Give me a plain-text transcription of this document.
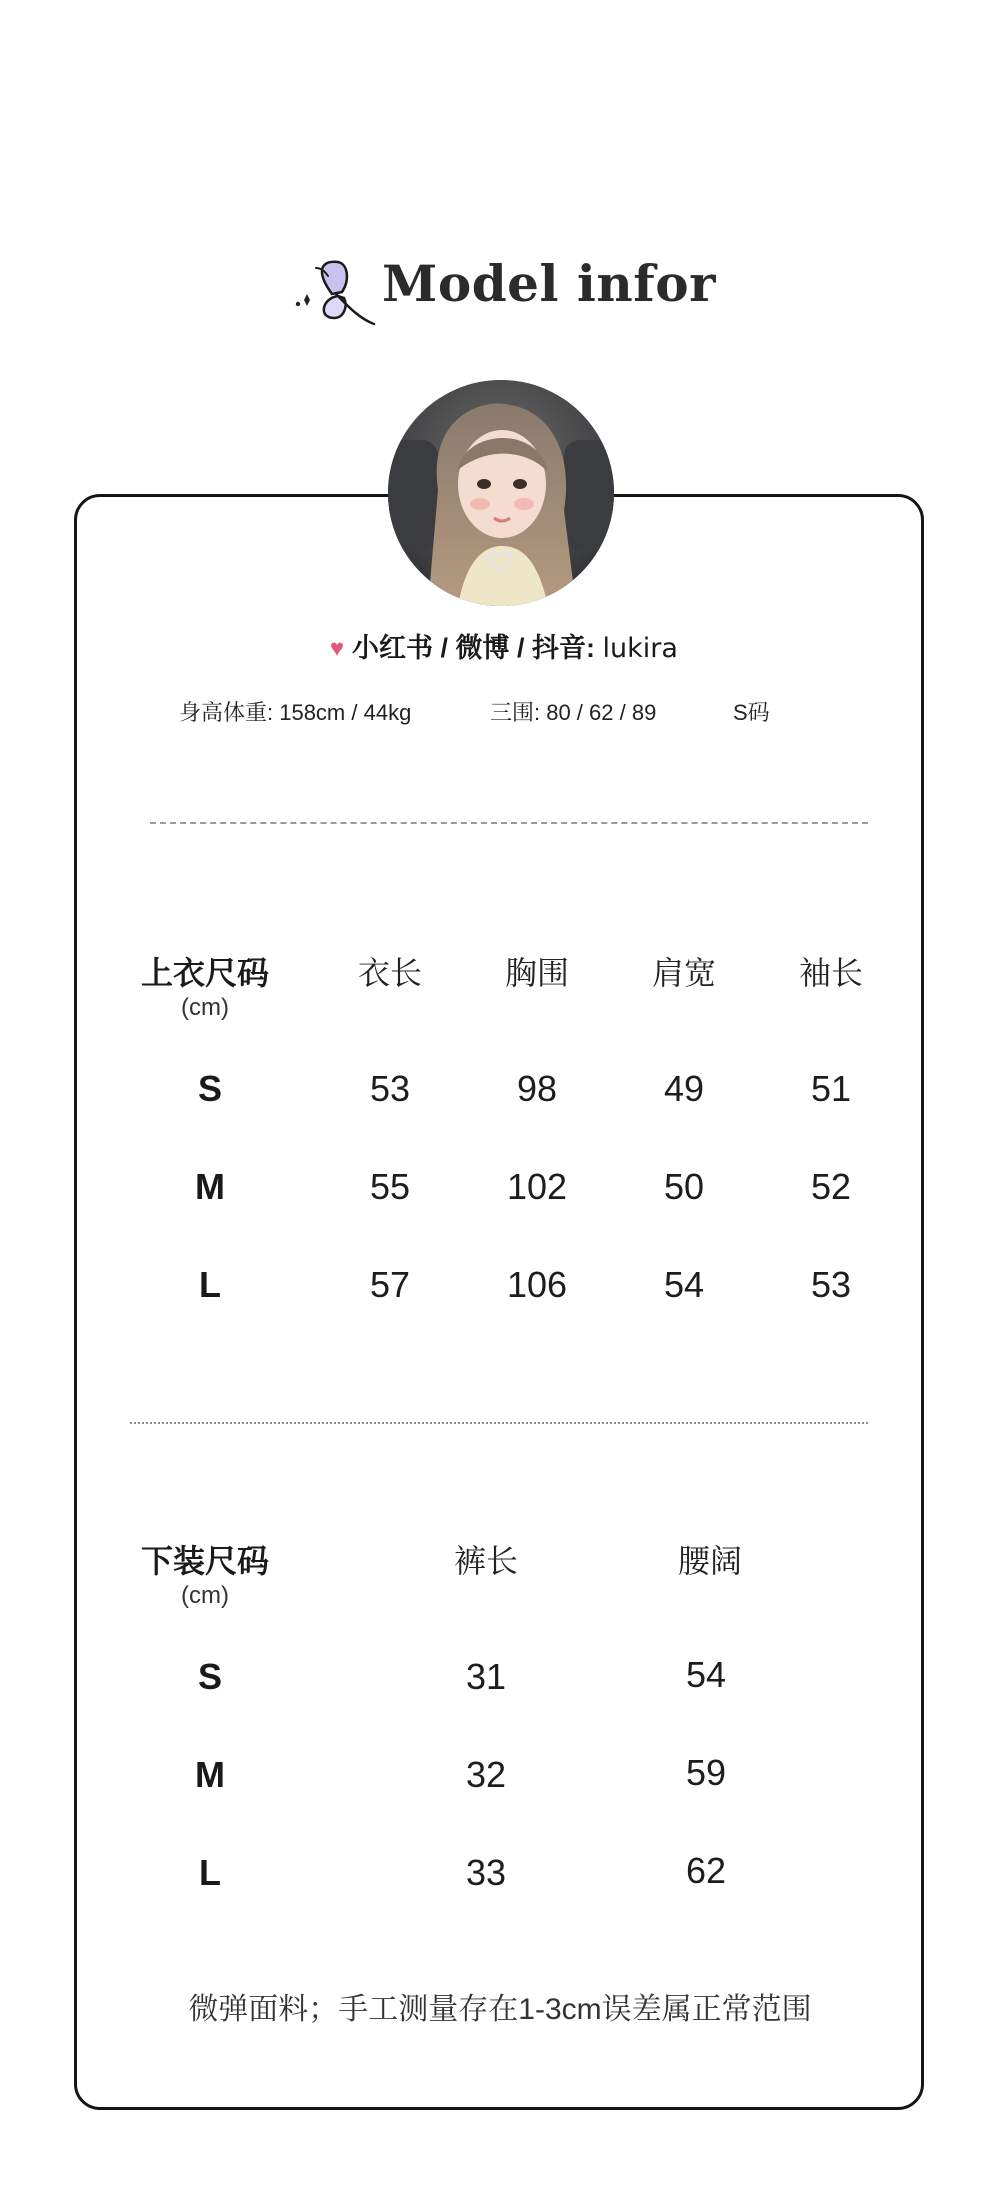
Model infor
♥ 小红书 / 微博 / 抖音: lukira
身高体重: 158cm / 44kg	三围: 80 / 62 / 89	S码
上衣尺码
(cm)
衣长	胸围	肩宽	袖长
S	53	98	49	51
M	55	102	50	52
L	57	106	54	53
下装尺码
(cm)
裤长	腰阔
S	31	54
M	32	59
L	33	62
微弹面料；手工测量存在1-3cm误差属正常范围
